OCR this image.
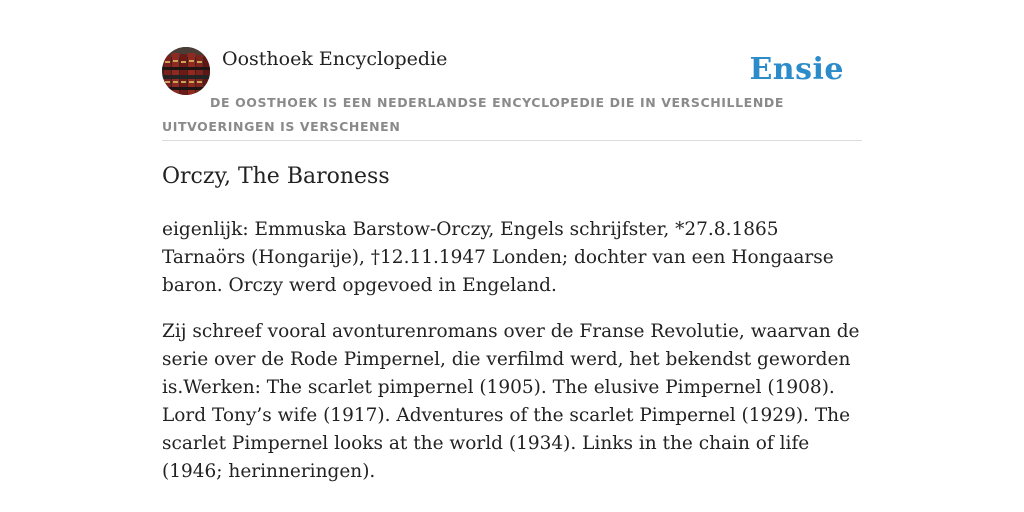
Oosthoek Encyclopedie	Ensie
DE OOSTHOEK IS EEN NEDERLANDSE ENCYCLOPEDIE DIE IN VERSCHILLENDE UITVOERINGEN IS VERSCHENEN
Orczy, The Baroness

eigenlijk: Emmuska Barstow-Orczy, Engels schrijfster, *27.8.1865 Tarnaörs (Hongarije), †12.11.1947 Londen; dochter van een Hongaarse baron. Orczy werd opgevoed in Engeland.

Zij schreef vooral avonturenromans over de Franse Revolutie, waarvan de serie over de Rode Pimpernel, die verfilmd werd, het bekendst geworden is.Werken: The scarlet pimpernel (1905). The elusive Pimpernel (1908). Lord Tony’s wife (1917). Adventures of the scarlet Pimpernel (1929). The scarlet Pimpernel looks at the world (1934). Links in the chain of life (1946; herinneringen).
